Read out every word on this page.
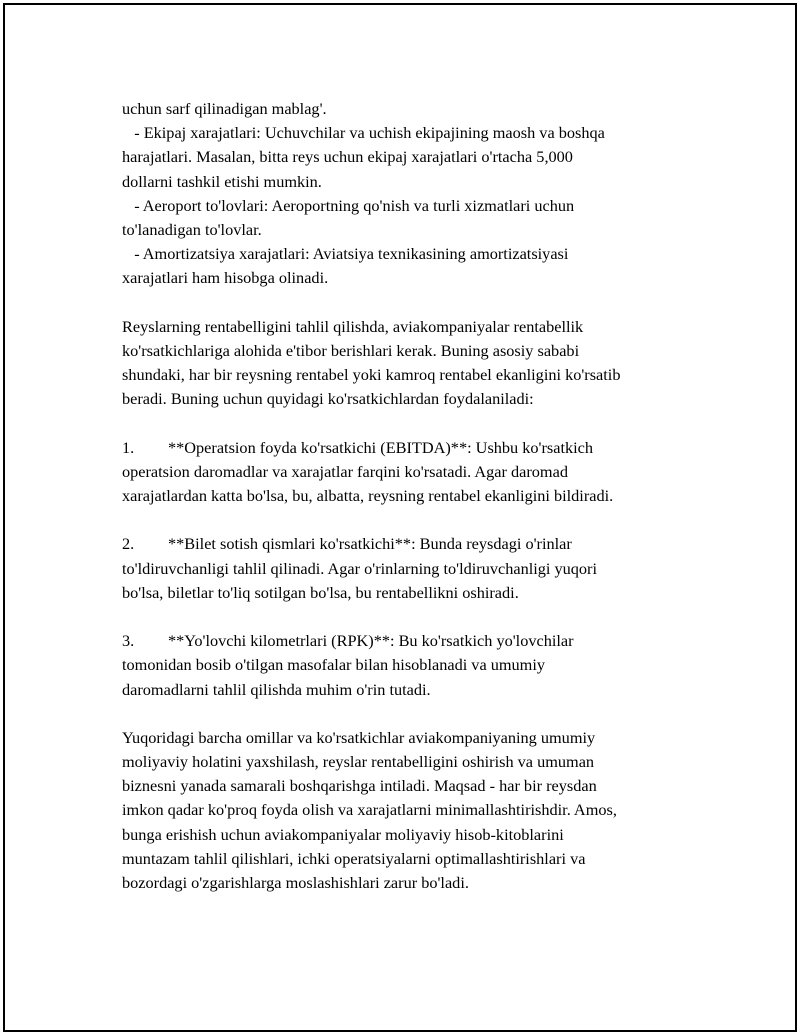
uchun sarf qilinadigan mablag'.
- Ekipaj xarajatlari: Uchuvchilar va uchish ekipajining maosh va boshqa
harajatlari. Masalan, bitta reys uchun ekipaj xarajatlari o'rtacha 5,000
dollarni tashkil etishi mumkin.
- Aeroport to'lovlari: Aeroportning qo'nish va turli xizmatlari uchun
to'lanadigan to'lovlar.
- Amortizatsiya xarajatlari: Aviatsiya texnikasining amortizatsiyasi
xarajatlari ham hisobga olinadi.
Reyslarning rentabelligini tahlil qilishda, aviakompaniyalar rentabellik
ko'rsatkichlariga alohida e'tibor berishlari kerak. Buning asosiy sababi
shundaki, har bir reysning rentabel yoki kamroq rentabel ekanligini ko'rsatib
beradi. Buning uchun quyidagi ko'rsatkichlardan foydalaniladi:
1. **Operatsion foyda ko'rsatkichi (EBITDA)**: Ushbu ko'rsatkich
operatsion daromadlar va xarajatlar farqini ko'rsatadi. Agar daromad
xarajatlardan katta bo'lsa, bu, albatta, reysning rentabel ekanligini bildiradi.
2. **Bilet sotish qismlari ko'rsatkichi**: Bunda reysdagi o'rinlar
to'ldiruvchanligi tahlil qilinadi. Agar o'rinlarning to'ldiruvchanligi yuqori
bo'lsa, biletlar to'liq sotilgan bo'lsa, bu rentabellikni oshiradi.
3. **Yo'lovchi kilometrlari (RPK)**: Bu ko'rsatkich yo'lovchilar
tomonidan bosib o'tilgan masofalar bilan hisoblanadi va umumiy
daromadlarni tahlil qilishda muhim o'rin tutadi.
Yuqoridagi barcha omillar va ko'rsatkichlar aviakompaniyaning umumiy
moliyaviy holatini yaxshilash, reyslar rentabelligini oshirish va umuman
biznesni yanada samarali boshqarishga intiladi. Maqsad - har bir reysdan
imkon qadar ko'proq foyda olish va xarajatlarni minimallashtirishdir. Amos,
bunga erishish uchun aviakompaniyalar moliyaviy hisob-kitoblarini
muntazam tahlil qilishlari, ichki operatsiyalarni optimallashtirishlari va
bozordagi o'zgarishlarga moslashishlari zarur bo'ladi.
